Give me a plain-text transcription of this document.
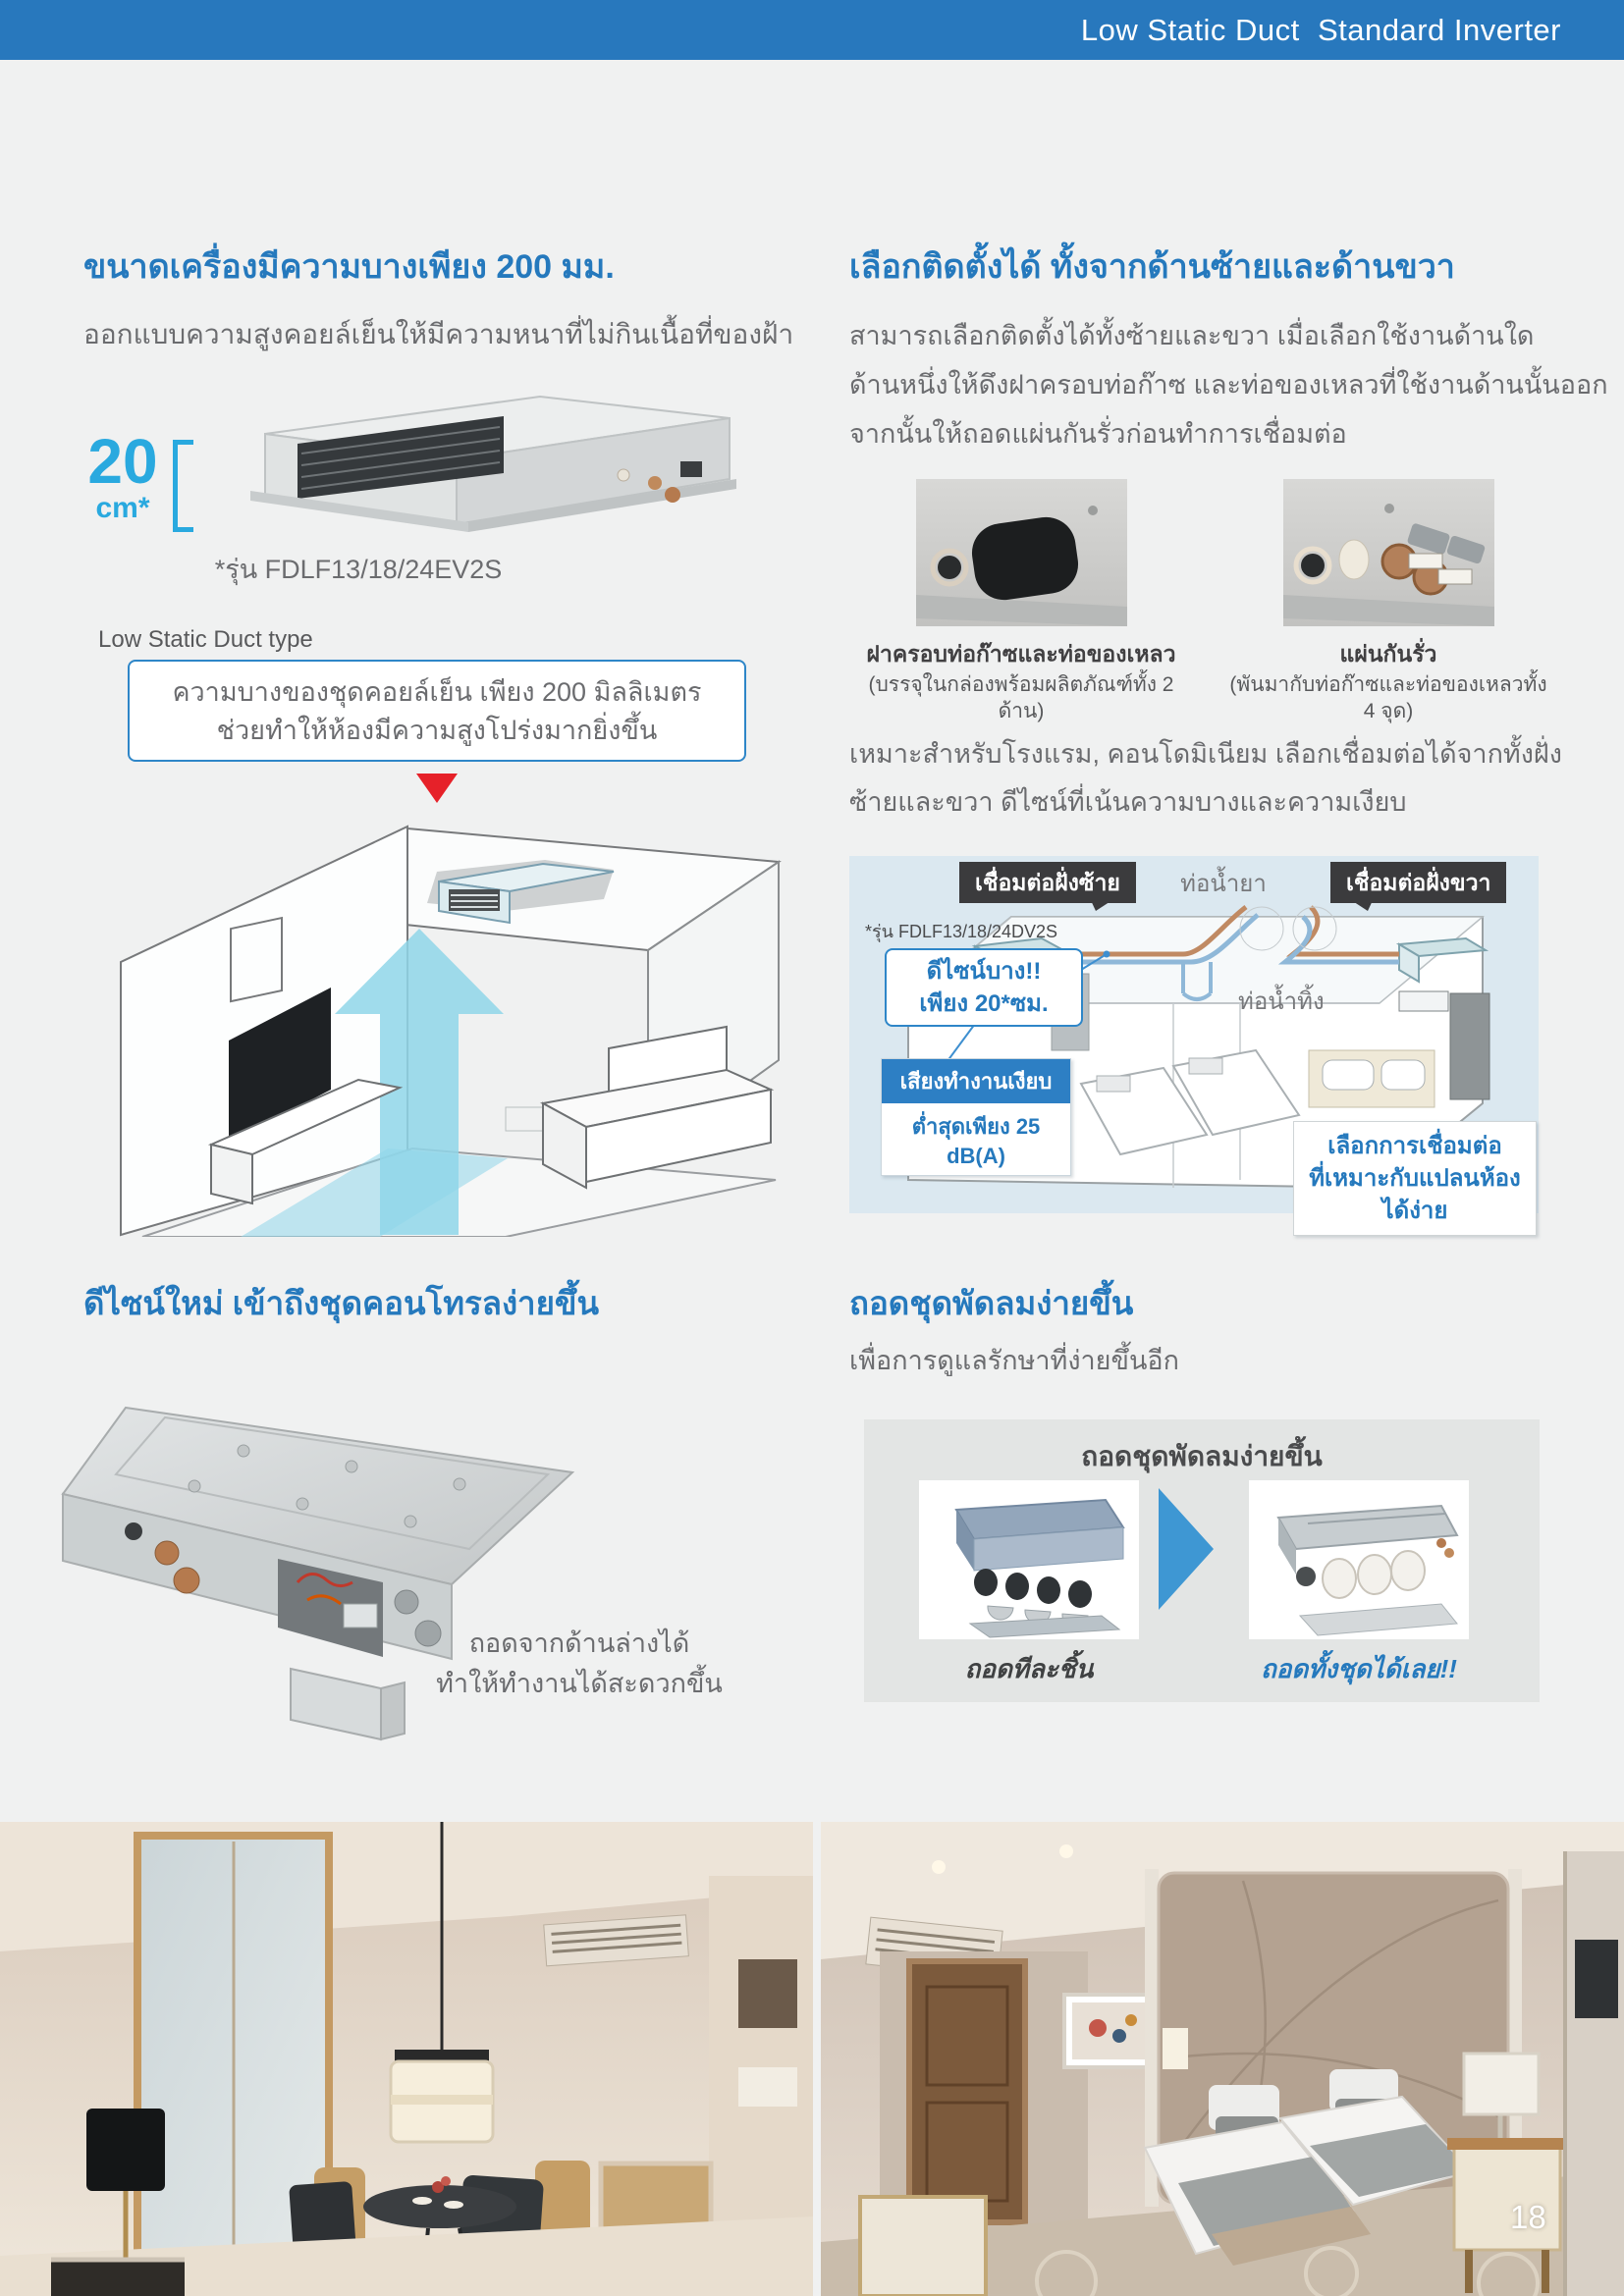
Low Static Duct  Standard Inverter
ขนาดเครื่องมีความบางเพียง 200 มม.
ออกแบบความสูงคอยล์เย็นให้มีความหนาที่ไม่กินเนื้อที่ของฝ้า
20
cm*
*รุ่น FDLF13/18/24EV2S
Low Static Duct type
ความบางของชุดคอยล์เย็น เพียง 200 มิลลิเมตร
ช่วยทำให้ห้องมีความสูงโปร่งมากยิ่งขึ้น
ดีไซน์ใหม่ เข้าถึงชุดคอนโทรลง่ายขึ้น
ถอดจากด้านล่างได้
ทำให้ทำงานได้สะดวกขึ้น
เลือกติดตั้งได้ ทั้งจากด้านซ้ายและด้านขวา
สามารถเลือกติดตั้งได้ทั้งซ้ายและขวา เมื่อเลือกใช้งานด้านใด
ด้านหนึ่งให้ดึงฝาครอบท่อก๊าซ และท่อของเหลวที่ใช้งานด้านนั้นออก
จากนั้นให้ถอดแผ่นกันรั่วก่อนทำการเชื่อมต่อ
ฝาครอบท่อก๊าซและท่อของเหลว
(บรรจุในกล่องพร้อมผลิตภัณฑ์ทั้ง 2 ด้าน)
แผ่นกันรั่ว
(พันมากับท่อก๊าซและท่อของเหลวทั้ง 4 จุด)
เหมาะสำหรับโรงแรม, คอนโดมิเนียม เลือกเชื่อมต่อได้จากทั้งฝั่ง
ซ้ายและขวา ดีไซน์ที่เน้นความบางและความเงียบ
เชื่อมต่อฝั่งซ้าย	ท่อน้ำยา	เชื่อมต่อฝั่งขวา
*รุ่น FDLF13/18/24DV2S
ดีไซน์บาง!!
เพียง 20*ซม.	ท่อน้ำทิ้ง
เสียงทำงานเงียบ
ต่ำสุดเพียง 25 dB(A)	เลือกการเชื่อมต่อ
ที่เหมาะกับแปลนห้องได้ง่าย
ถอดชุดพัดลมง่ายขึ้น
เพื่อการดูแลรักษาที่ง่ายขึ้นอีก
ถอดชุดพัดลมง่ายขึ้น
ถอดทีละชิ้น	ถอดทั้งชุดได้เลย!!
18
